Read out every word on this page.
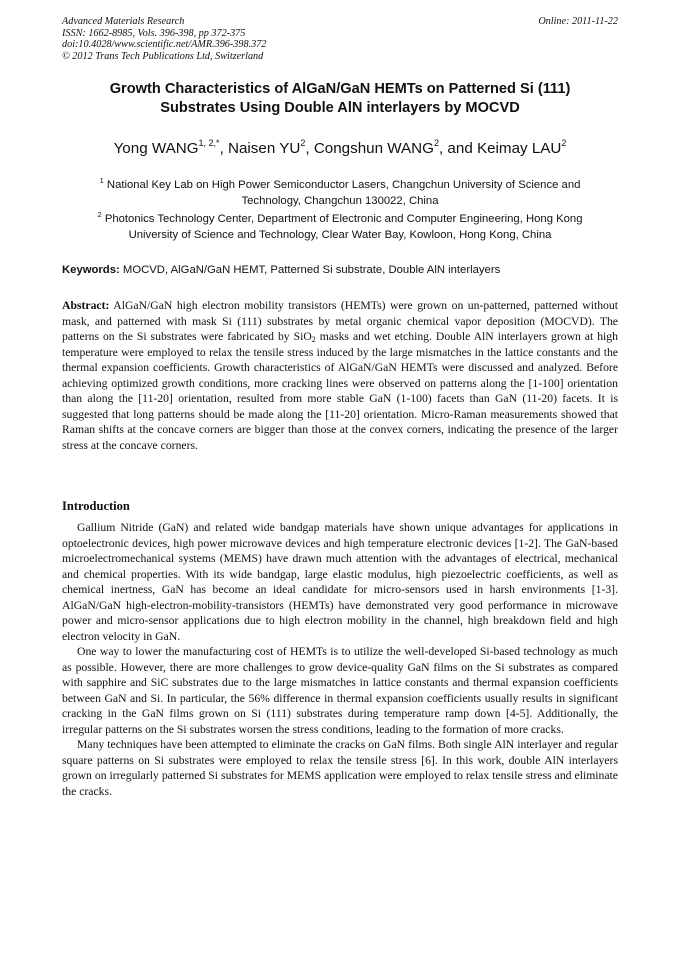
Advanced Materials Research
ISSN: 1662-8985, Vols. 396-398, pp 372-375
doi:10.4028/www.scientific.net/AMR.396-398.372
© 2012 Trans Tech Publications Ltd, Switzerland
Online: 2011-11-22
Growth Characteristics of AlGaN/GaN HEMTs on Patterned Si (111)
Substrates Using Double AlN interlayers by MOCVD
Yong $WANG^{1, 2,*}$, Naisen $YU^2$, Congshun WANG$^2$, and Keimay LAU$^2$
$^1$ National Key Lab on High Power Semiconductor Lasers, Changchun University of Science and
Technology, Changchun 130022, China
$^2$ Photonics Technology Center, Department of Electronic and Computer Engineering, Hong Kong
University of Science and Technology, Clear Water Bay, Kowloon, Hong Kong, China
Keywords: MOCVD, AlGaN/GaN HEMT, Patterned Si substrate, Double AlN interlayers
Abstract: AlGaN/GaN high electron mobility transistors (HEMTs) were grown on un-patterned, patterned without mask, and patterned with mask Si (111) substrates by metal organic chemical vapor deposition (MOCVD). The patterns on the Si substrates were fabricated by SiO$_2$ masks and wet etching. Double AlN interlayers grown at high temperature were employed to relax the tensile stress induced by the large mismatches in the lattice constants and the thermal expansion coefficients. Growth characteristics of AlGaN/GaN HEMTs were discussed and analyzed. Before achieving optimized growth conditions, more cracking lines were observed on patterns along the [1-100] orientation than along the [11-20] orientation, resulted from more stable GaN (1-100) facets than GaN (11-20) facets. It is suggested that long patterns should be made along the [11-20] orientation. Micro-Raman measurements showed that Raman shifts at the concave corners are bigger than those at the convex corners, indicating the presence of the larger stress at the concave corners.
Introduction

Gallium Nitride (GaN) and related wide bandgap materials have shown unique advantages for applications in optoelectronic devices, high power microwave devices and high temperature electronic devices [1-2]. The GaN-based microelectromechanical systems (MEMS) have drawn much attention with the advantages of electrical, mechanical and chemical properties. With its wide bandgap, large elastic modulus, high piezoelectric coefficients, as well as chemical inertness, GaN has become an ideal candidate for micro-sensors used in harsh environments [1-3]. AlGaN/GaN high-electron-mobility-transistors (HEMTs) have demonstrated very good performance in microwave power and micro-sensor applications due to high electron mobility in the channel, high breakdown field and high electron velocity in GaN.

One way to lower the manufacturing cost of HEMTs is to utilize the well-developed Si-based technology as much as possible. However, there are more challenges to grow device-quality GaN films on the Si substrates as compared with sapphire and SiC substrates due to the large mismatches in lattice constants and thermal expansion coefficients between GaN and Si. In particular, the 56% difference in thermal expansion coefficients usually results in significant cracking in the GaN films grown on Si (111) substrates during temperature ramp down [4-5]. Additionally, the irregular patterns on the Si substrates worsen the stress conditions, leading to the formation of more cracks.

Many techniques have been attempted to eliminate the cracks on GaN films. Both single AlN interlayer and regular square patterns on Si substrates were employed to relax the tensile stress [6]. In this work, double AlN interlayers grown on irregularly patterned Si substrates for MEMS application were employed to relax tensile stress and eliminate the cracks.
